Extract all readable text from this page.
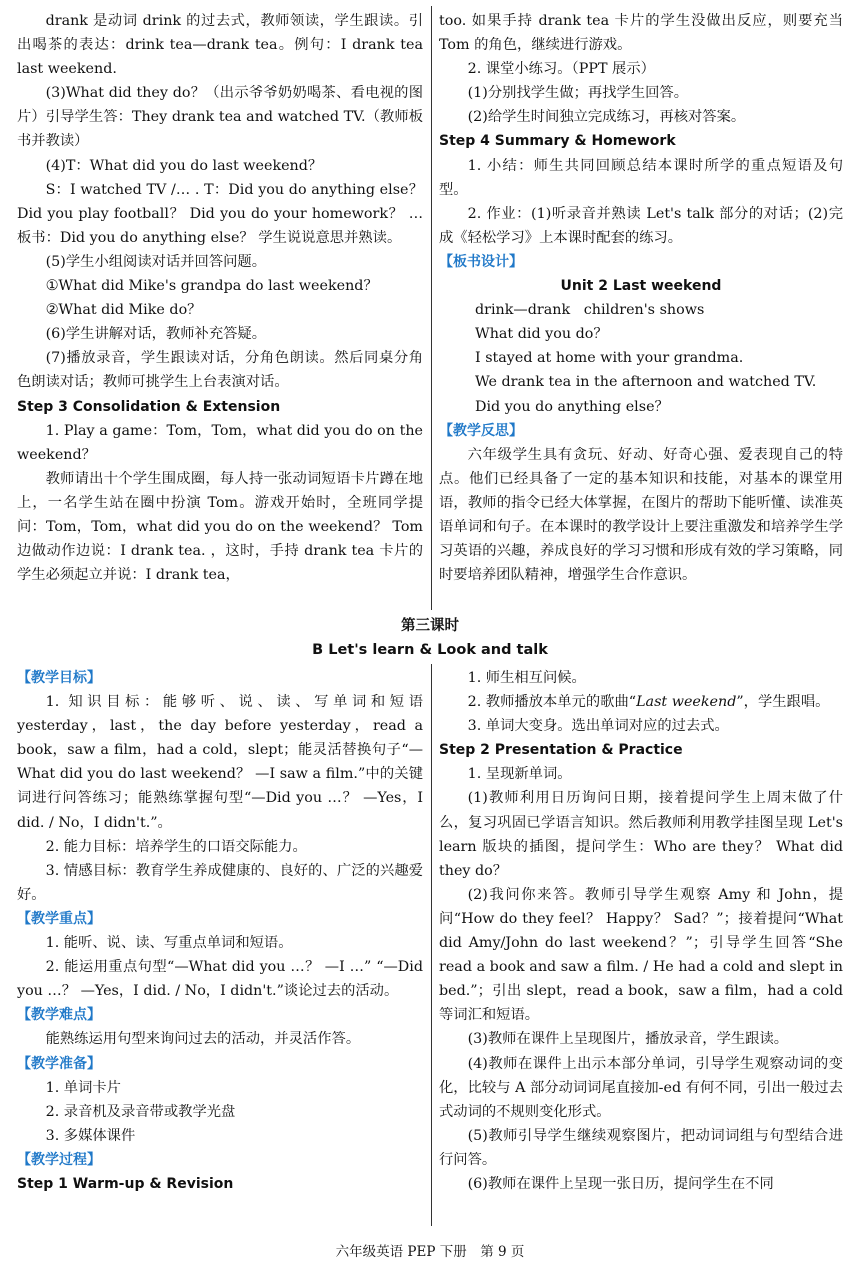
drank 是动词 drink 的过去式，教师领读，学生跟读。引出喝茶的表达：drink tea—drank tea。例句：I drank tea last weekend.

(3)What did they do？（出示爷爷奶奶喝茶、看电视的图片）引导学生答：They drank tea and watched TV.（教师板书并教读）

(4)T：What did you do last weekend？

S：I watched TV /… . T：Did you do anything else？ Did you play football？ Did you do your homework？ …板书：Did you do anything else？ 学生说说意思并熟读。

(5)学生小组阅读对话并回答问题。

①What did Mike's grandpa do last weekend？

②What did Mike do？

(6)学生讲解对话，教师补充答疑。

(7)播放录音，学生跟读对话，分角色朗读。然后同桌分角色朗读对话；教师可挑学生上台表演对话。

Step 3 Consolidation & Extension

1. Play a game：Tom，Tom，what did you do on the weekend？

教师请出十个学生围成圈，每人持一张动词短语卡片蹲在地上，一名学生站在圈中扮演 Tom。游戏开始时，全班同学提问：Tom，Tom，what did you do on the weekend？ Tom 边做动作边说：I drank tea. ，这时，手持 drank tea 卡片的学生必须起立并说：I drank tea，

too. 如果手持 drank tea 卡片的学生没做出反应，则要充当 Tom 的角色，继续进行游戏。

2. 课堂小练习。（PPT 展示）

(1)分别找学生做；再找学生回答。

(2)给学生时间独立完成练习，再核对答案。

Step 4 Summary & Homework

1. 小结：师生共同回顾总结本课时所学的重点短语及句型。

2. 作业：(1)听录音并熟读 Let's talk 部分的对话；(2)完成《轻松学习》上本课时配套的练习。

【板书设计】

Unit 2 Last weekend

drink—drank   children's shows

What did you do？

I stayed at home with your grandma.

We drank tea in the afternoon and watched TV.

Did you do anything else？

【教学反思】

六年级学生具有贪玩、好动、好奇心强、爱表现自己的特点。他们已经具备了一定的基本知识和技能，对基本的课堂用语，教师的指令已经大体掌握，在图片的帮助下能听懂、读准英语单词和句子。在本课时的教学设计上要注重激发和培养学生学习英语的兴趣，养成良好的学习习惯和形成有效的学习策略，同时要培养团队精神，增强学生合作意识。

第三课时
B Let's learn & Look and talk

【教学目标】

1. 知识目标：能够听、说、读、写单词和短语 yesterday，last，the day before yesterday，read a book，saw a film，had a cold，slept；能灵活替换句子“—What did you do last weekend？ —I saw a film.”中的关键词进行问答练习；能熟练掌握句型“—Did you …？ —Yes，I did. / No，I didn't.”。

2. 能力目标：培养学生的口语交际能力。

3. 情感目标：教育学生养成健康的、良好的、广泛的兴趣爱好。

【教学重点】

1. 能听、说、读、写重点单词和短语。

2. 能运用重点句型“—What did you …？ —I …” “—Did you …？ —Yes，I did. / No，I didn't.”谈论过去的活动。

【教学难点】

能熟练运用句型来询问过去的活动，并灵活作答。

【教学准备】

1. 单词卡片

2. 录音机及录音带或教学光盘

3. 多媒体课件

【教学过程】

Step 1 Warm-up & Revision

1. 师生相互问候。

2. 教师播放本单元的歌曲“Last weekend”，学生跟唱。

3. 单词大变身。选出单词对应的过去式。

Step 2 Presentation & Practice

1. 呈现新单词。

(1)教师利用日历询问日期，接着提问学生上周末做了什么，复习巩固已学语言知识。然后教师利用教学挂图呈现 Let's learn 版块的插图，提问学生：Who are they？ What did they do？

(2)我问你来答。教师引导学生观察 Amy 和 John，提问“How do they feel？ Happy？ Sad？”；接着提问“What did Amy/John do last weekend？”；引导学生回答“She read a book and saw a film. / He had a cold and slept in bed.”；引出 slept，read a book，saw a film，had a cold 等词汇和短语。

(3)教师在课件上呈现图片，播放录音，学生跟读。

(4)教师在课件上出示本部分单词，引导学生观察动词的变化，比较与 A 部分动词词尾直接加-ed 有何不同，引出一般过去式动词的不规则变化形式。

(5)教师引导学生继续观察图片，把动词词组与句型结合进行问答。

(6)教师在课件上呈现一张日历，提问学生在不同

六年级英语 PEP 下册　第 9 页
